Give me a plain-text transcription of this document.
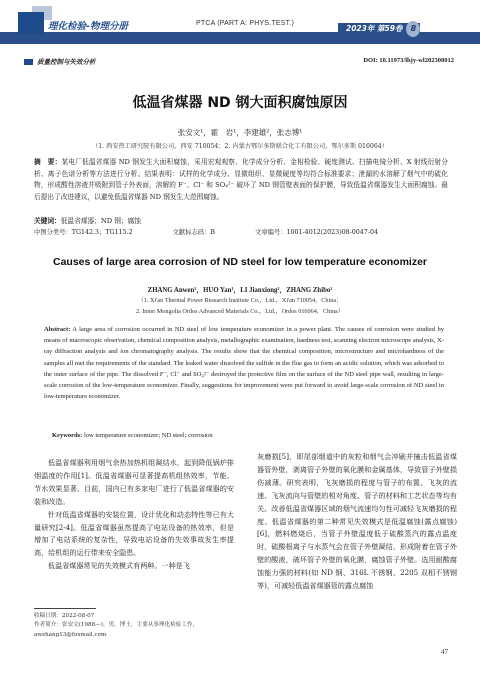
理化检验-物理分册	PTCA (PART A: PHYS.TEST.)
2023年 第59卷	8
质量控制与失效分析	DOI: 10.11973/lhjy-wl202308012
低温省煤器 ND 钢大面积腐蚀原因
张安文¹，霍　岩¹，李建雄²，张志博¹
（1. 西安热工研究院有限公司，西安 710054；2. 内蒙古鄂尔多斯联合化工有限公司，鄂尔多斯 016064）
摘　要：某电厂低温省煤器 ND 钢发生大面积腐蚀，采用宏观观察、化学成分分析、金相检验、硬度测试、扫描电镜分析、X 射线衍射分析、离子色谱分析等方法进行分析。结果表明：试样的化学成分、显微组织、显微硬度等均符合标准要求；泄漏的水溶解了烟气中的硫化物，形成酸性溶液并吸附到管子外表面，溶解的 F⁻、Cl⁻ 和 SO₄²⁻ 破坏了 ND 钢管壁表面的保护膜，导致低温省煤器发生大面积腐蚀。最后提出了改进建议，以避免低温省煤器 ND 钢发生大范围腐蚀。
关键词：低温省煤器；ND 钢；腐蚀
中图分类号：TG142.3；TG115.2	文献标志码：B	文章编号：1001-4012(2023)08-0047-04
Causes of large area corrosion of ND steel for low temperature economizer
ZHANG Anwen¹，HUO Yan¹，LI Jianxiong²，ZHANG Zhibo¹
（1. Xi'an Thermal Power Research Institute Co.，Ltd.，Xi'an 710054，China；
2. Inner Mongolia Ordos Advanced Materials Co.，Ltd.，Ordos 016064，China）
Abstract: A large area of corrosion occurred in ND steel of low temperature economizer in a power plant. The causes of corrosion were studied by means of macroscopic observation, chemical composition analysis, metallographic examination, hardness test, scanning electron microscope analysis, X-ray diffraction analysis and ion chromatography analysis. The results show that the chemical composition, microstructure and microhardness of the samples all met the requirements of the standard. The leaked water dissolved the sulfide in the flue gas to form an acidic solution, which was adsorbed to the outer surface of the pipe. The dissolved F⁻, Cl⁻ and SO₄²⁻ destroyed the protective film on the surface of the ND steel pipe wall, resulting in large-scale corrosion of the low-temperature economizer. Finally, suggestions for improvement were put forward to avoid large-scale corrosion of ND steel in low-temperature economizer.
Keywords: low temperature economizer; ND steel; corrosion

低温省煤器利用烟气余热加热机组凝结水，起到降低锅炉排烟温度的作用[1]。低温省煤器可显著提高机组热效率，节能、节水效果显著。目前，国内已有多家电厂进行了低温省煤器的安装和改造。

针对低温省煤器的安装位置，设计优化和动态特性等已有大量研究[2-4]。低温省煤器虽然提高了电站设备的热效率，但是增加了电站系统的复杂性，导致电站设备的失效事故发生率提高，给机组的运行带来安全隐患。

低温省煤器常见的失效模式有两种。一种是飞

灰磨损[5]，即尾部烟道中的灰粒和烟气会冲刷并撞击低温省煤器管外壁，剥离管子外壁的氧化膜和金属基体，导致管子外壁损伤减薄。研究表明，飞灰磨损的程度与管子的布置、飞灰的流速、飞灰流向与管壁的相对角度、管子的材料和工艺状态等均有关。改善低温省煤器区域的烟气流速均匀性可减轻飞灰磨损的程度。低温省煤器的第二种常见失效模式是低温腐蚀(露点腐蚀)[6]，燃料燃烧后，当管子外壁温度低于硫酸蒸汽的露点温度时，硫酸根离子与水蒸气会在管子外壁凝结，形成附着在管子外壁的酸液，破坏管子外壁的氧化膜，腐蚀管子外壁。选用耐酸腐蚀能力强的材料(如 ND 钢、316L 不锈钢、2205 双相不锈钢等)，可减轻低温省煤器管的露点腐蚀

收稿日期：2022-08-07
作者简介：张安文(1988—)，男，博士，主要从事理化检验工作，awzhang13@foxmail.com
47
